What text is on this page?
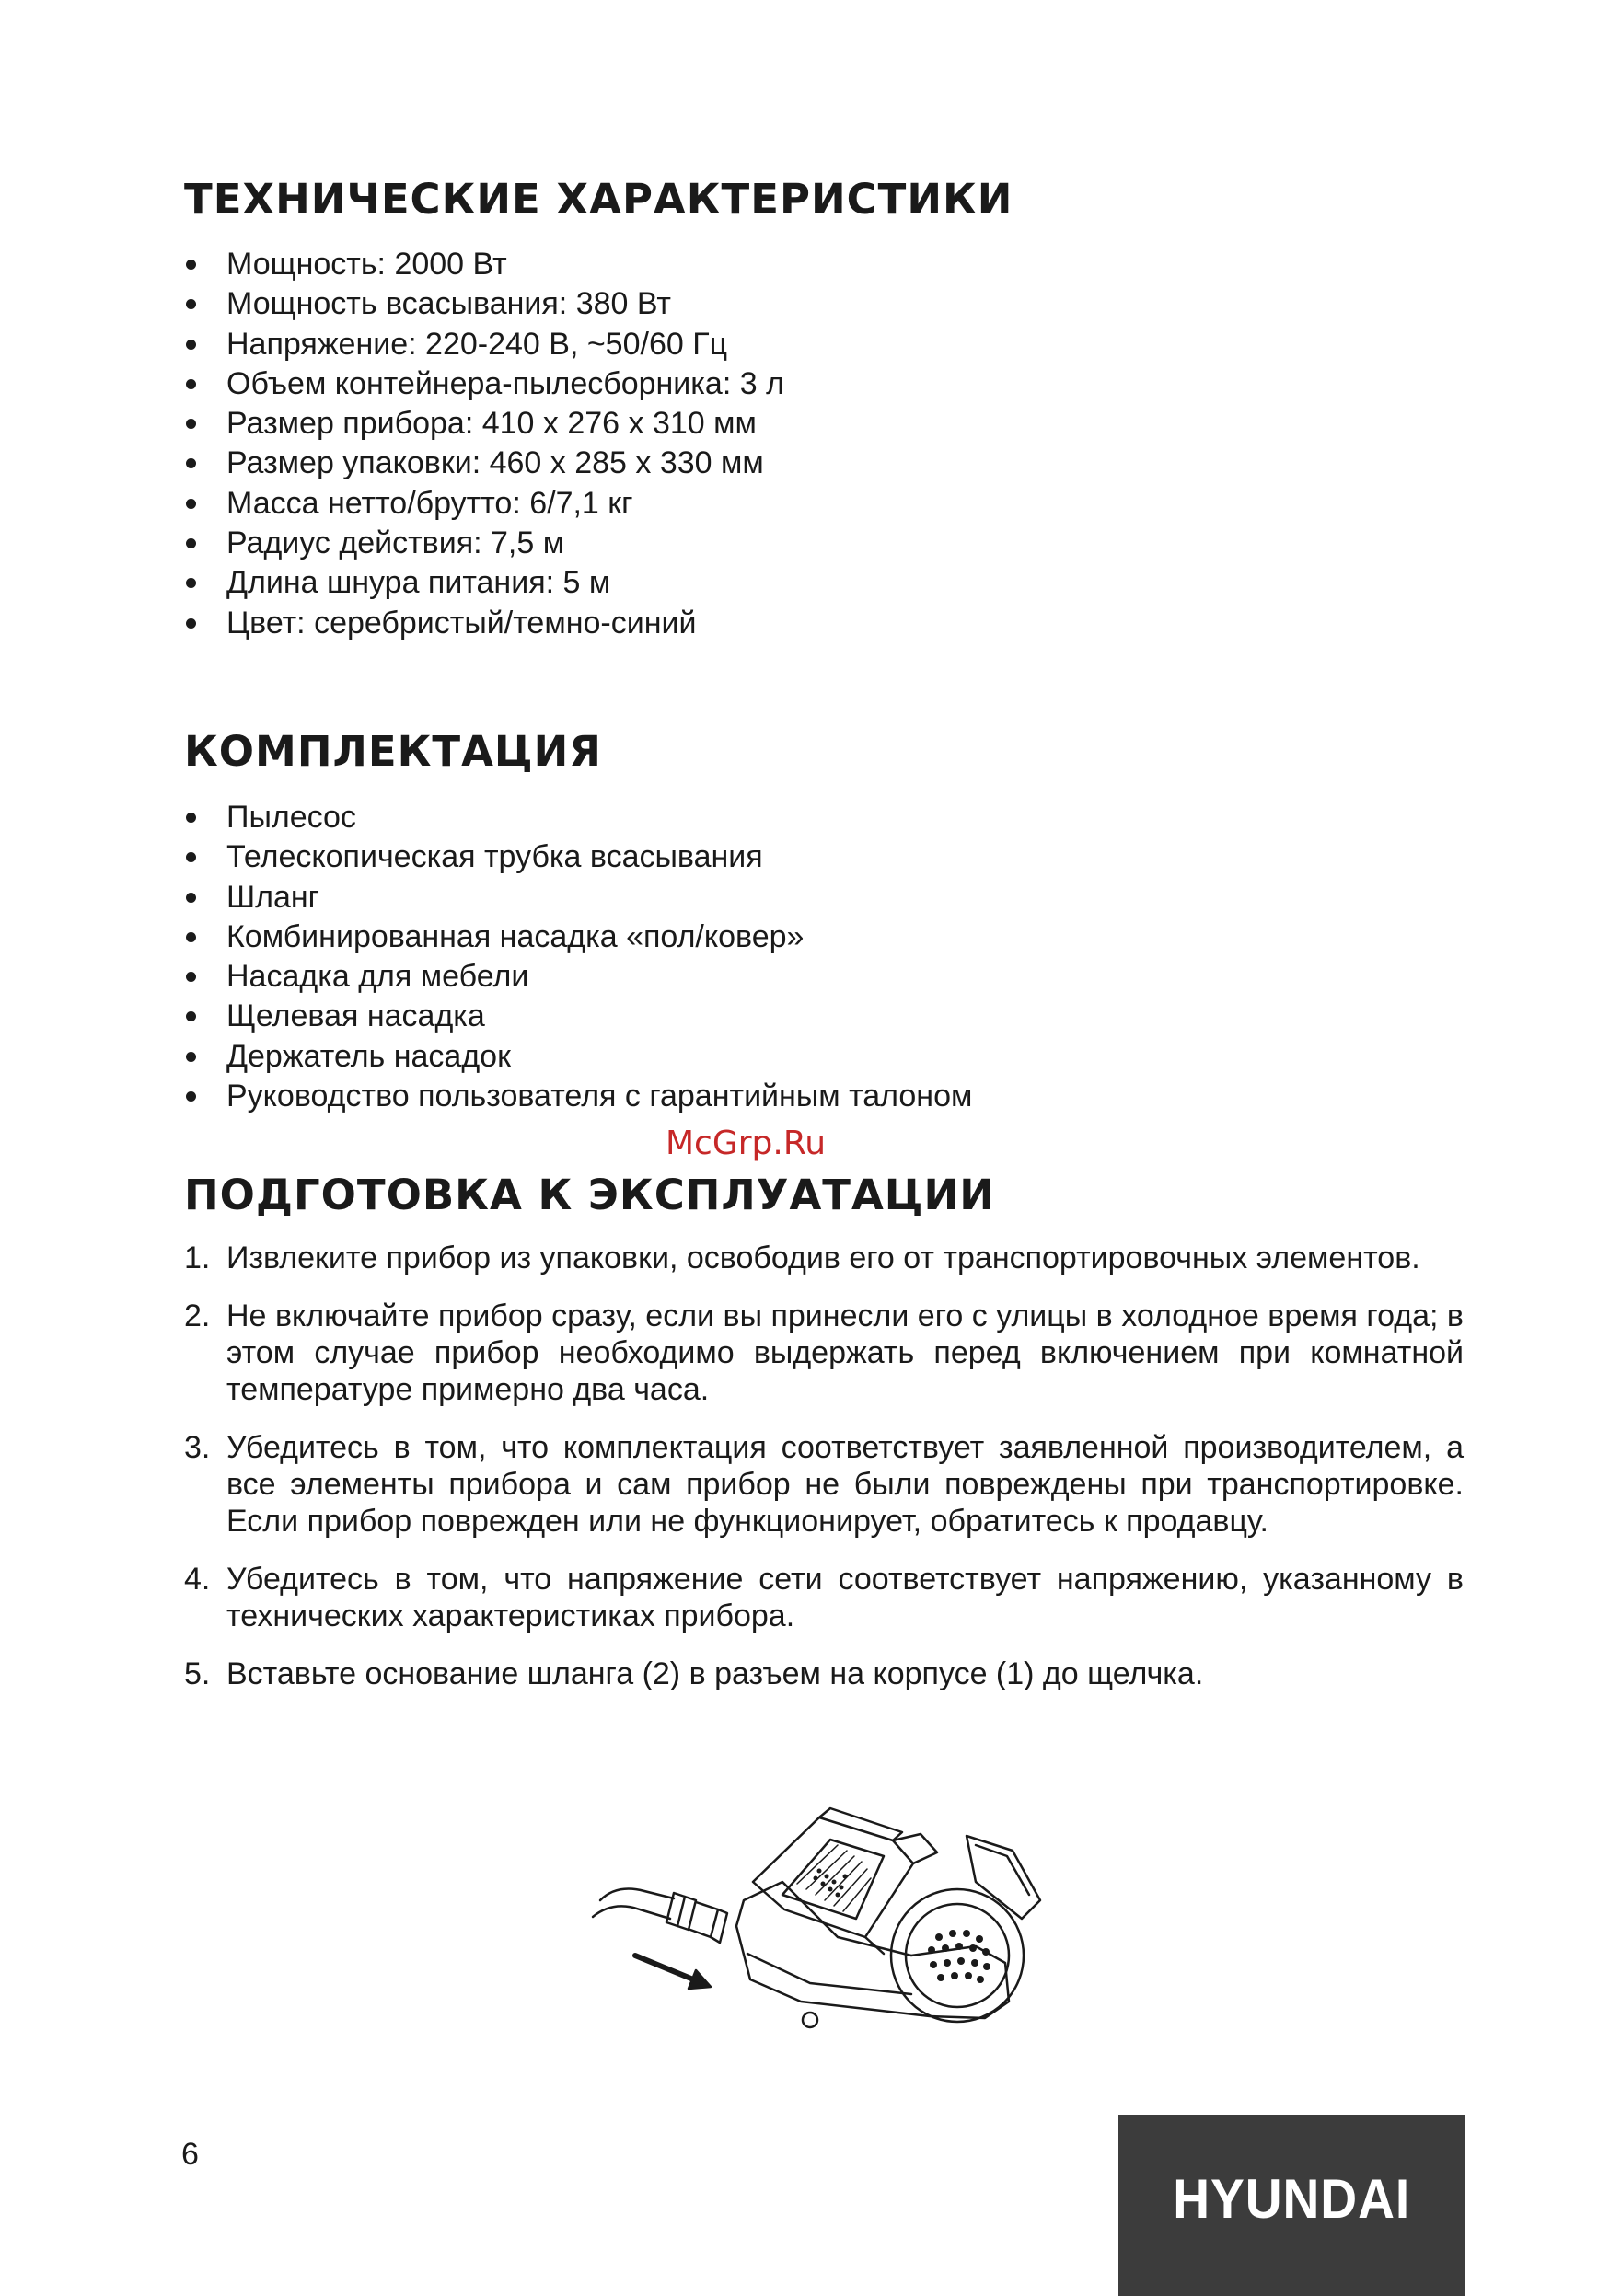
ТЕХНИЧЕСКИЕ ХАРАКТЕРИСТИКИ
Мощность: 2000 Вт
Мощность всасывания: 380 Вт
Напряжение: 220-240 В, ~50/60 Гц
Объем контейнера-пылесборника: 3 л
Размер прибора: 410 х 276 х 310 мм
Размер упаковки: 460 х 285 х 330 мм
Масса нетто/брутто: 6/7,1 кг
Радиус действия: 7,5 м
Длина шнура питания: 5 м
Цвет: серебристый/темно-синий
КОМПЛЕКТАЦИЯ
Пылесос
Телескопическая трубка всасывания
Шланг
Комбинированная насадка «пол/ковер»
Насадка для мебели
Щелевая насадка
Держатель насадок
Руководство пользователя с гарантийным талоном
McGrp.Ru
ПОДГОТОВКА К ЭКСПЛУАТАЦИИ
1. Извлеките прибор из упаковки, освободив его от транспортировочных элементов.
2. Не включайте прибор сразу, если вы принесли его с улицы в холодное время года; в этом случае прибор необходимо выдержать перед включением при комнатной температуре примерно два часа.
3. Убедитесь в том, что комплектация соответствует заявленной производителем, а все элементы прибора и сам прибор не были повреждены при транспортировке. Если прибор поврежден или не функционирует, обратитесь к продавцу.
4. Убедитесь в том, что напряжение сети соответствует напряжению, указанному в технических характеристиках прибора.
5. Вставьте основание шланга (2) в разъем на корпусе (1) до щелчка.
6
HYUNDAI
